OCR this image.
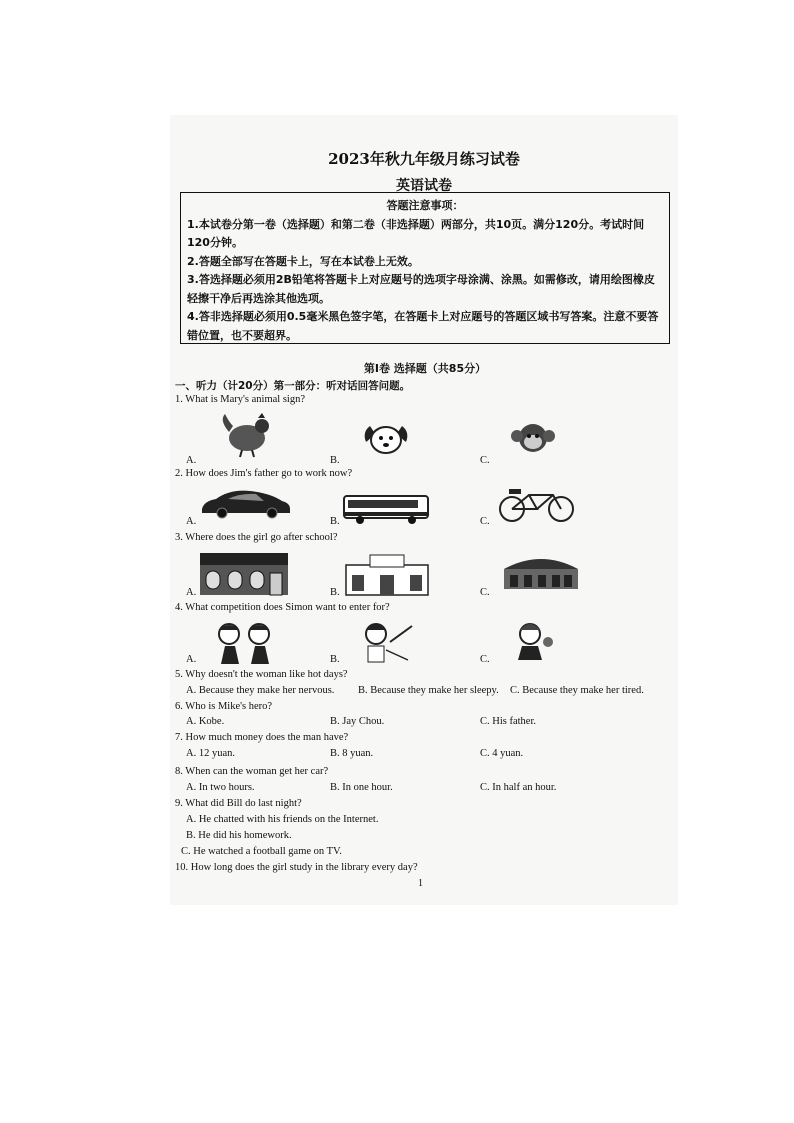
2023年秋九年级月练习试卷
英语试卷
答题注意事项：
1.本试卷分第一卷（选择题）和第二卷（非选择题）两部分，共10页。满分120分。考试时间120分钟。
2.答题全部写在答题卡上，写在本试卷上无效。
3.答选择题必须用2B铅笔将答题卡上对应题号的选项字母涂满、涂黑。如需修改，请用绘图橡皮轻擦干净后再选涂其他选项。
4.答非选择题必须用0.5毫米黑色签字笔，在答题卡上对应题号的答题区域书写答案。注意不要答错位置，也不要超界。
第Ⅰ卷 选择题（共85分）
一、听力（计20分）第一部分：听对话回答问题。
1. What is Mary's animal sign?
A.	B.	C.
2. How does Jim's father go to work now?
A.	B.	C.
3. Where does the girl go after school?
A.	B.	C.
4. What competition does Simon want to enter for?
A.	B.	C.
5. Why doesn't the woman like hot days?
A. Because they make her nervous. B. Because they make her sleepy. C. Because they make her tired.
6. Who is Mike's hero?
A. Kobe.	B. Jay Chou.	C. His father.
7. How much money does the man have?
A. 12 yuan.	B. 8 yuan.	C. 4 yuan.
8. When can the woman get her car?
A. In two hours.	B. In one hour.	C. In half an hour.
9. What did Bill do last night?
A. He chatted with his friends on the Internet.
B. He did his homework.
C. He watched a football game on TV.
10. How long does the girl study in the library every day?
1
